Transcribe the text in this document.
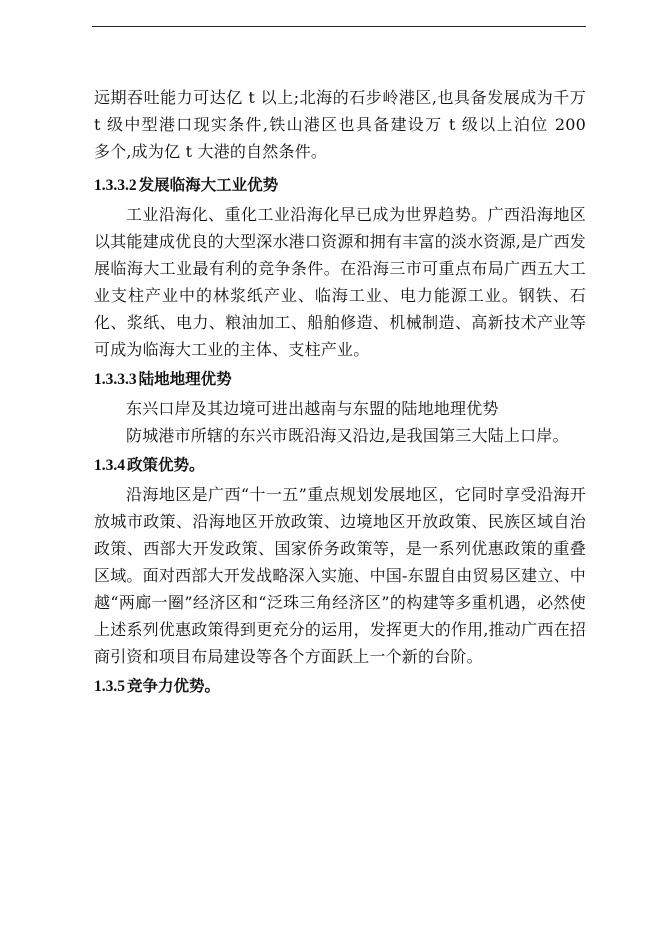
远期吞吐能力可达亿 t 以上;北海的石步岭港区,也具备发展成为千万 t 级中型港口现实条件,铁山港区也具备建设万 t 级以上泊位 200　 多个,成为亿 t 大港的自然条件。

1.3.3.2 发展临海大工业优势

工业沿海化、重化工业沿海化早已成为世界趋势。广西沿海地区以其能建成优良的大型深水港口资源和拥有丰富的淡水资源,是广西发展临海大工业最有利的竞争条件。在沿海三市可重点布局广西五大工业支柱产业中的林浆纸产业、临海工业、电力能源工业。钢铁、石化、浆纸、电力、粮油加工、船舶修造、机械制造、高新技术产业等可成为临海大工业的主体、支柱产业。

1.3.3.3 陆地地理优势

东兴口岸及其边境可进出越南与东盟的陆地地理优势

防城港市所辖的东兴市既沿海又沿边,是我国第三大陆上口岸。

1.3.4 政策优势。

沿海地区是广西“十一五”重点规划发展地区，它同时享受沿海开放城市政策、沿海地区开放政策、边境地区开放政策、民族区域自治政策、西部大开发政策、国家侨务政策等，是一系列优惠政策的重叠区域。面对西部大开发战略深入实施、中国-东盟自由贸易区建立、中越“两廊一圈”经济区和“泛珠三角经济区”的构建等多重机遇，必然使上述系列优惠政策得到更充分的运用，发挥更大的作用,推动广西在招商引资和项目布局建设等各个方面跃上一个新的台阶。

1.3.5 竞争力优势。
